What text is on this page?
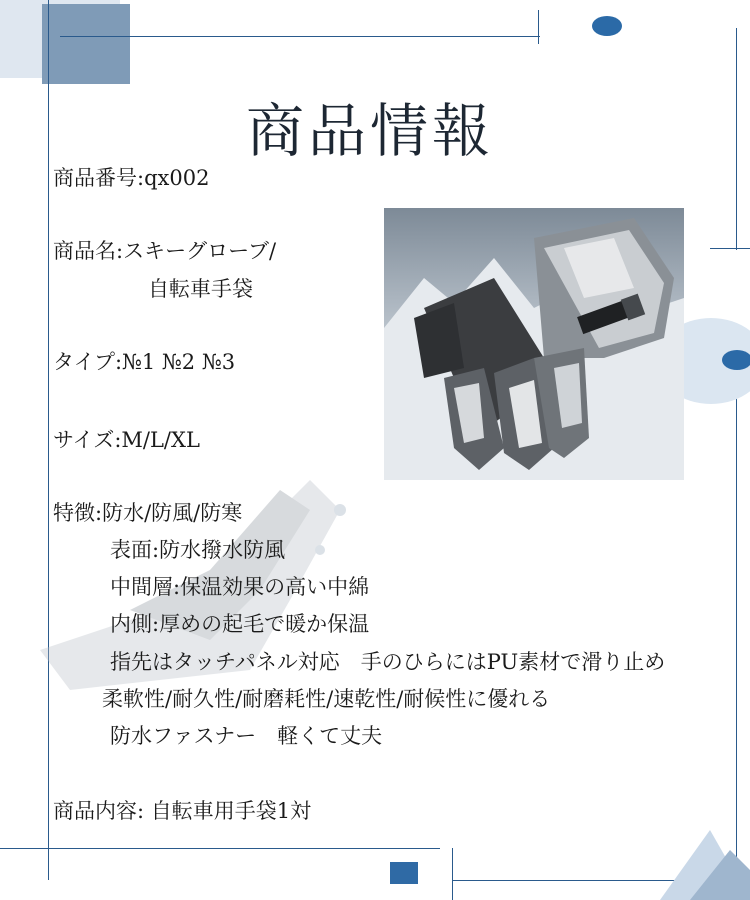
商品情報
商品番号:qx002
商品名:スキーグローブ/
自転車手袋
タイプ:№1 №2 №3
サイズ:M/L/XL
特徴:防水/防風/防寒
表面:防水撥水防風
中間層:保温効果の高い中綿
内側:厚めの起毛で暖か保温
指先はタッチパネル対応　手のひらにはPU素材で滑り止め
柔軟性/耐久性/耐磨耗性/速乾性/耐候性に優れる
防水ファスナー　軽くて丈夫
商品内容: 自転車用手袋1対
